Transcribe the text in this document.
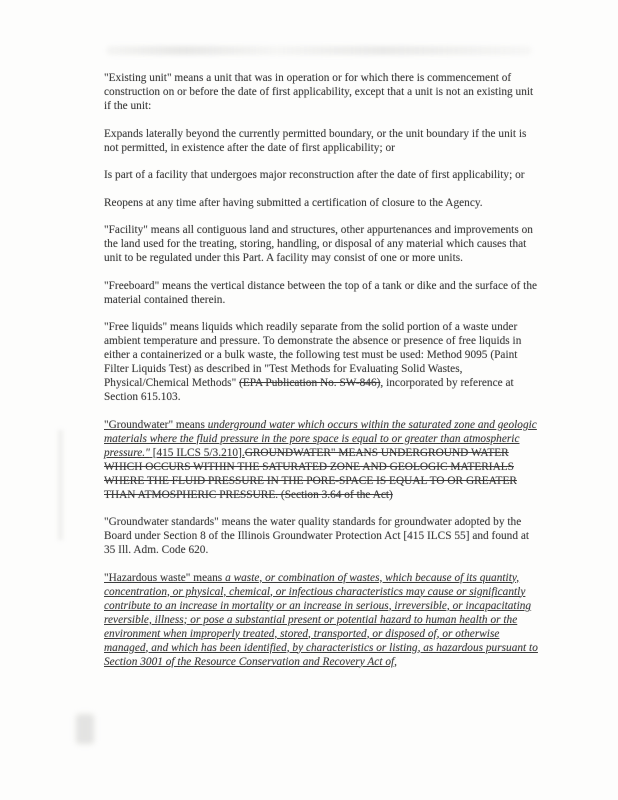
"Existing unit" means a unit that was in operation or for which there is commencement of construction on or before the date of first applicability, except that a unit is not an existing unit if the unit:

Expands laterally beyond the currently permitted boundary, or the unit boundary if the unit is not permitted, in existence after the date of first applicability; or

Is part of a facility that undergoes major reconstruction after the date of first applicability; or

Reopens at any time after having submitted a certification of closure to the Agency.

"Facility" means all contiguous land and structures, other appurtenances and improvements on the land used for the treating, storing, handling, or disposal of any material which causes that unit to be regulated under this Part. A facility may consist of one or more units.

"Freeboard" means the vertical distance between the top of a tank or dike and the surface of the material contained therein.

"Free liquids" means liquids which readily separate from the solid portion of a waste under ambient temperature and pressure. To demonstrate the absence or presence of free liquids in either a containerized or a bulk waste, the following test must be used: Method 9095 (Paint Filter Liquids Test) as described in "Test Methods for Evaluating Solid Wastes, Physical/Chemical Methods" (EPA Publication No. SW-846), incorporated by reference at Section 615.103.

"Groundwater" means underground water which occurs within the saturated zone and geologic materials where the fluid pressure in the pore space is equal to or greater than atmospheric pressure." [415 ILCS 5/3.210].GROUNDWATER" MEANS UNDERGROUND WATER WHICH OCCURS WITHIN THE SATURATED ZONE AND GEOLOGIC MATERIALS WHERE THE FLUID PRESSURE IN THE PORE-SPACE IS EQUAL TO OR GREATER THAN ATMOSPHERIC PRESSURE. (Section 3.64 of the Act)

"Groundwater standards" means the water quality standards for groundwater adopted by the Board under Section 8 of the Illinois Groundwater Protection Act [415 ILCS 55] and found at 35 Ill. Adm. Code 620.

"Hazardous waste" means a waste, or combination of wastes, which because of its quantity, concentration, or physical, chemical, or infectious characteristics may cause or significantly contribute to an increase in mortality or an increase in serious, irreversible, or incapacitating reversible, illness; or pose a substantial present or potential hazard to human health or the environment when improperly treated, stored, transported, or disposed of, or otherwise managed, and which has been identified, by characteristics or listing, as hazardous pursuant to Section 3001 of the Resource Conservation and Recovery Act of,
